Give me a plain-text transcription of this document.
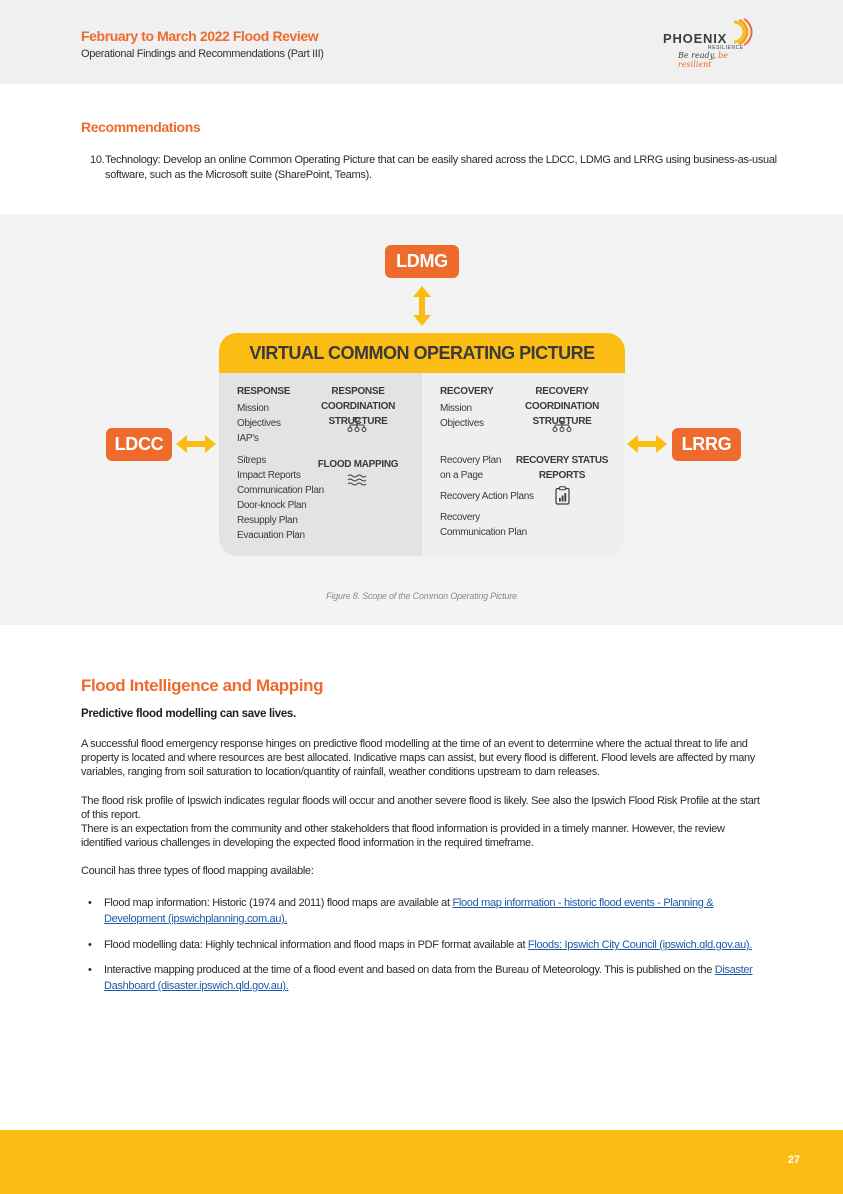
February to March 2022 Flood Review
Operational Findings and Recommendations (Part III)
PHOENIX
RESILIENCE
Be ready, be resilient
Recommendations
10. Technology: Develop an online Common Operating Picture that can be easily shared across the LDCC, LDMG and LRRG using business-as-usual software, such as the Microsoft suite (SharePoint, Teams).
LDMG
LDCC	LRRG
VIRTUAL COMMON OPERATING PICTURE
RESPONSE
Mission
Objectives
IAP's
Sitreps
Impact Reports
Communication Plan
Door-knock Plan
Resupply Plan
Evacuation Plan
RESPONSE COORDINATION
STRUCTURE
FLOOD MAPPING
RECOVERY
Mission
Objectives
Recovery Plan
on a Page
Recovery Action Plans
Recovery
Communication Plan
RECOVERY COORDINATION
STRUCTURE
RECOVERY STATUS
REPORTS
Figure 8. Scope of the Common Operating Picture
Flood Intelligence and Mapping
Predictive flood modelling can save lives.
A successful flood emergency response hinges on predictive flood modelling at the time of an event to determine where the actual threat to life and property is located and where resources are best allocated. Indicative maps can assist, but every flood is different. Flood levels are affected by many variables, ranging from soil saturation to location/quantity of rainfall, weather conditions upstream to dam releases.
The flood risk profile of Ipswich indicates regular floods will occur and another severe flood is likely. See also the Ipswich Flood Risk Profile at the start of this report.
There is an expectation from the community and other stakeholders that flood information is provided in a timely manner. However, the review identified various challenges in developing the expected flood information in the required timeframe.
Council has three types of flood mapping available:
•	Flood map information: Historic (1974 and 2011) flood maps are available at Flood map information - historic flood events - Planning & Development (ipswichplanning.com.au).
•	Flood modelling data: Highly technical information and flood maps in PDF format available at Floods: Ipswich City Council (ipswich.qld.gov.au).
•	Interactive mapping produced at the time of a flood event and based on data from the Bureau of Meteorology. This is published on the Disaster Dashboard (disaster.ipswich.qld.gov.au).
27
